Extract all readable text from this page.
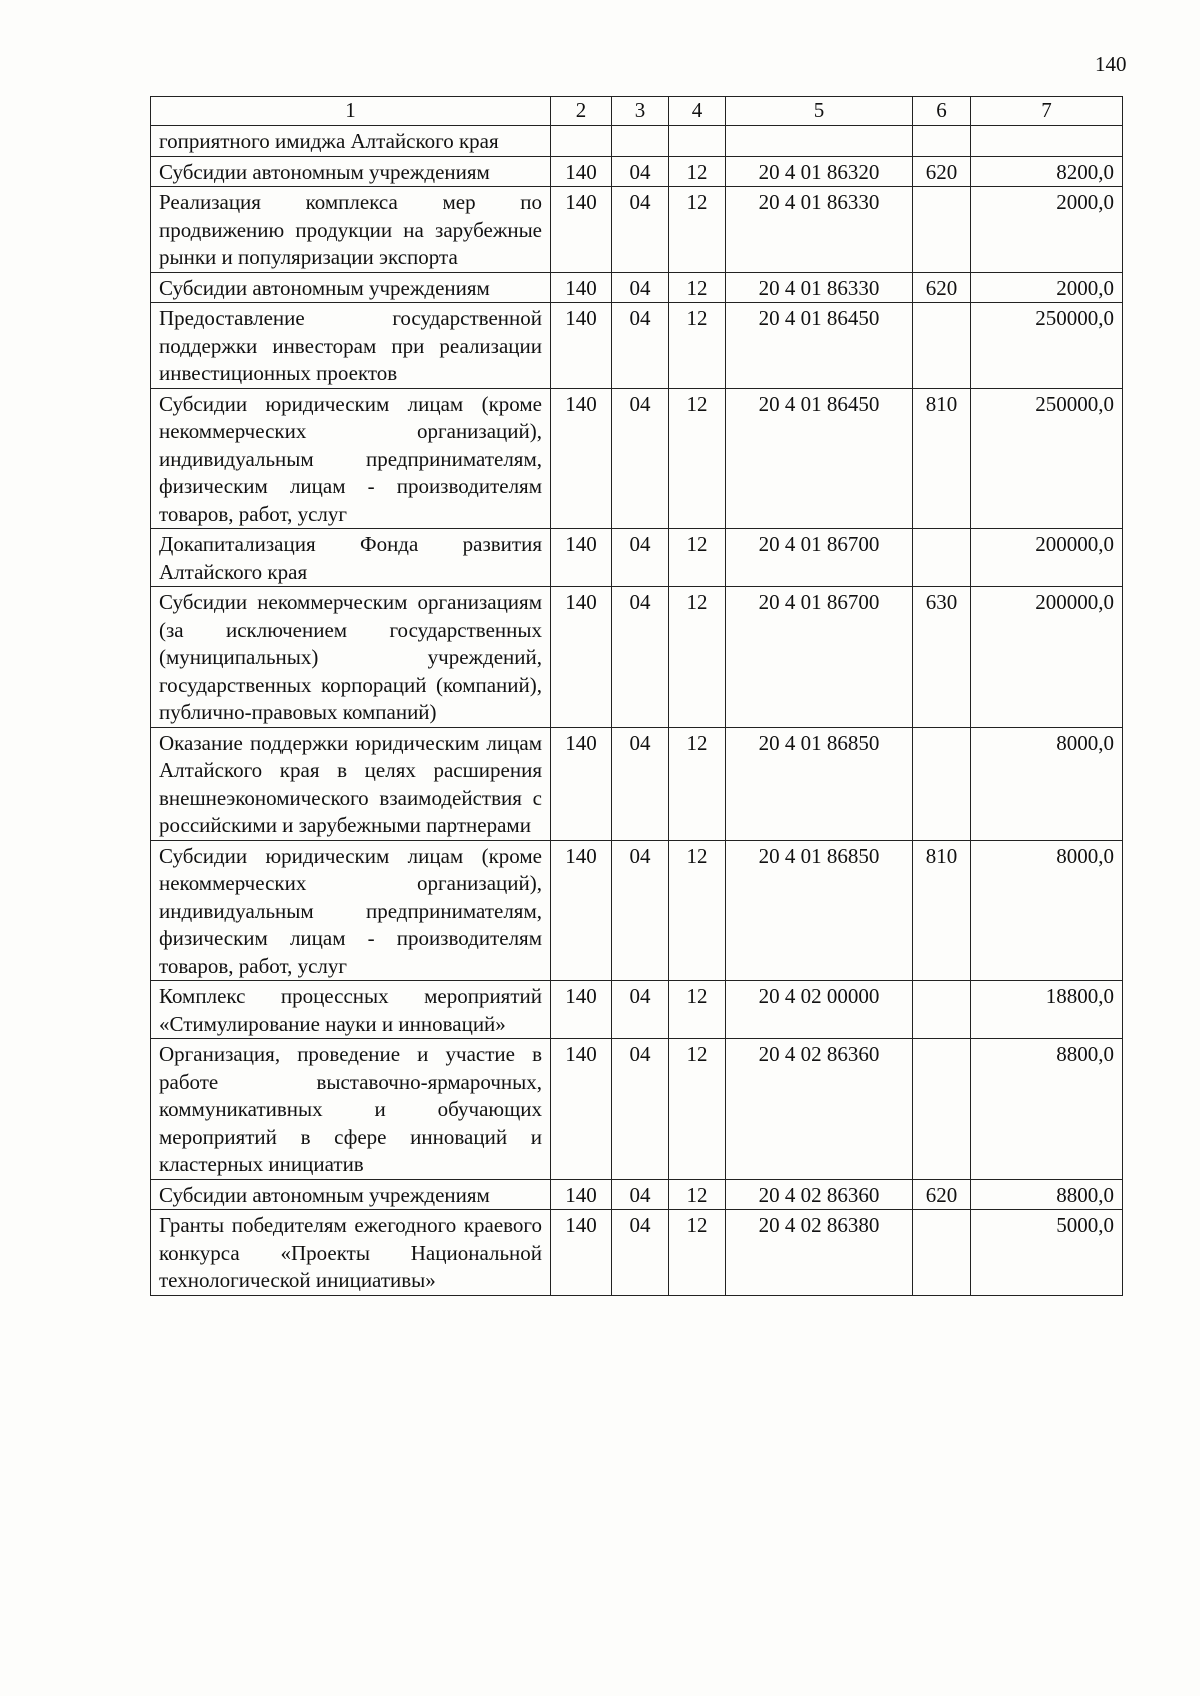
140
1	2	3	4	5	6	7
гоприятного имиджа Алтайского края						
Субсидии автономным учреждениям	140	04	12	20 4 01 86320	620	8200,0
Реализация комплекса мер по продвижению продукции на зарубежные рынки и популяризации экспорта	140	04	12	20 4 01 86330		2000,0
Субсидии автономным учреждениям	140	04	12	20 4 01 86330	620	2000,0
Предоставление государственной поддержки инвесторам при реализации инвестиционных проектов	140	04	12	20 4 01 86450		250000,0
Субсидии юридическим лицам (кроме некоммерческих организаций), индивидуальным предпринимателям, физическим лицам - производителям товаров, работ, услуг	140	04	12	20 4 01 86450	810	250000,0
Докапитализация Фонда развития Алтайского края	140	04	12	20 4 01 86700		200000,0
Субсидии некоммерческим организациям (за исключением государственных (муниципальных) учреждений, государственных корпораций (компаний), публично-правовых компаний)	140	04	12	20 4 01 86700	630	200000,0
Оказание поддержки юридическим лицам Алтайского края в целях расширения внешнеэкономического взаимодействия с российскими и зарубежными партнерами	140	04	12	20 4 01 86850		8000,0
Субсидии юридическим лицам (кроме некоммерческих организаций), индивидуальным предпринимателям, физическим лицам - производителям товаров, работ, услуг	140	04	12	20 4 01 86850	810	8000,0
Комплекс процессных мероприятий «Стимулирование науки и инноваций»	140	04	12	20 4 02 00000		18800,0
Организация, проведение и участие в работе выставочно-ярмарочных, коммуникативных и обучающих мероприятий в сфере инноваций и кластерных инициатив	140	04	12	20 4 02 86360		8800,0
Субсидии автономным учреждениям	140	04	12	20 4 02 86360	620	8800,0
Гранты победителям ежегодного краевого конкурса «Проекты Национальной технологической инициативы»	140	04	12	20 4 02 86380		5000,0
